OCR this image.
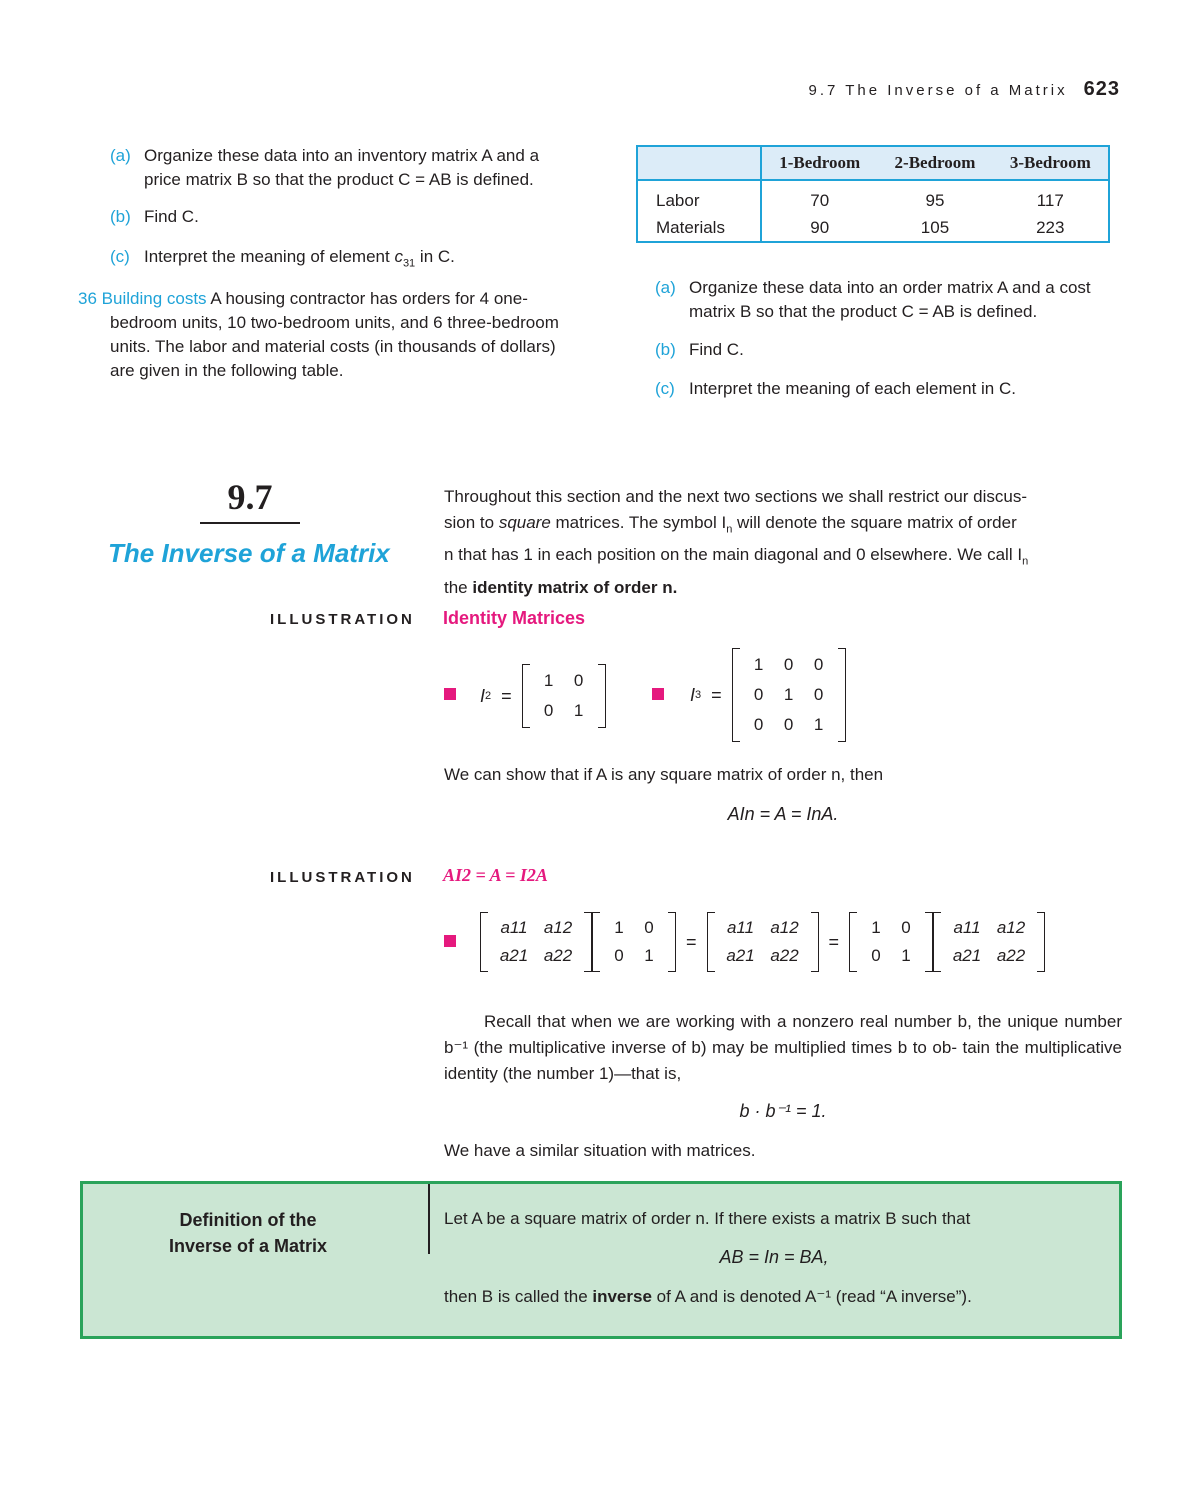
9.7 The Inverse of a Matrix 623
(a) Organize these data into an inventory matrix A and a
price matrix B so that the product C = AB is defined.
(b) Find C.
(c) Interpret the meaning of element $c_{31}$ in C.
36 Building costs A housing contractor has orders for 4 one-
bedroom units, 10 two-bedroom units, and 6 three-bedroom
units. The labor and material costs (in thousands of dollars)
are given in the following table.
	1-Bedroom	2-Bedroom	3-Bedroom
Labor	70	95	117
Materials	90	105	223
(a) Organize these data into an order matrix A and a cost
matrix B so that the product C = AB is defined.
(b) Find C.
(c) Interpret the meaning of each element in C.
9.7
The Inverse of a Matrix
Throughout this section and the next two sections we shall restrict our discus-
sion to square matrices. The symbol $I_n$ will denote the square matrix of order
n that has 1 in each position on the main diagonal and 0 elsewhere. We call $I_n$
the identity matrix of order n.
ILLUSTRATION Identity Matrices
I 2 =
1	0
0	1
I 3 =
1	0	0
0	1	0
0	0	1
We can show that if A is any square matrix of order n, then
AIn = A = InA.
ILLUSTRATION AI2 = A = I2A
a11 a12
a21 a22
1	0
0	1
=
a11 a12
a21 a22
=
1	0
0	1
a11 a12
a21 a22
Recall that when we are working with a nonzero real number b, the unique number b⁻¹ (the multiplicative inverse of b) may be multiplied times b to ob- tain the multiplicative identity (the number 1)—that is,
b · b⁻¹ = 1.
We have a similar situation with matrices.
Definition of the
Inverse of a Matrix
Let A be a square matrix of order n. If there exists a matrix B such that
AB = In = BA,
then B is called the inverse of A and is denoted A⁻¹ (read “A inverse”).
